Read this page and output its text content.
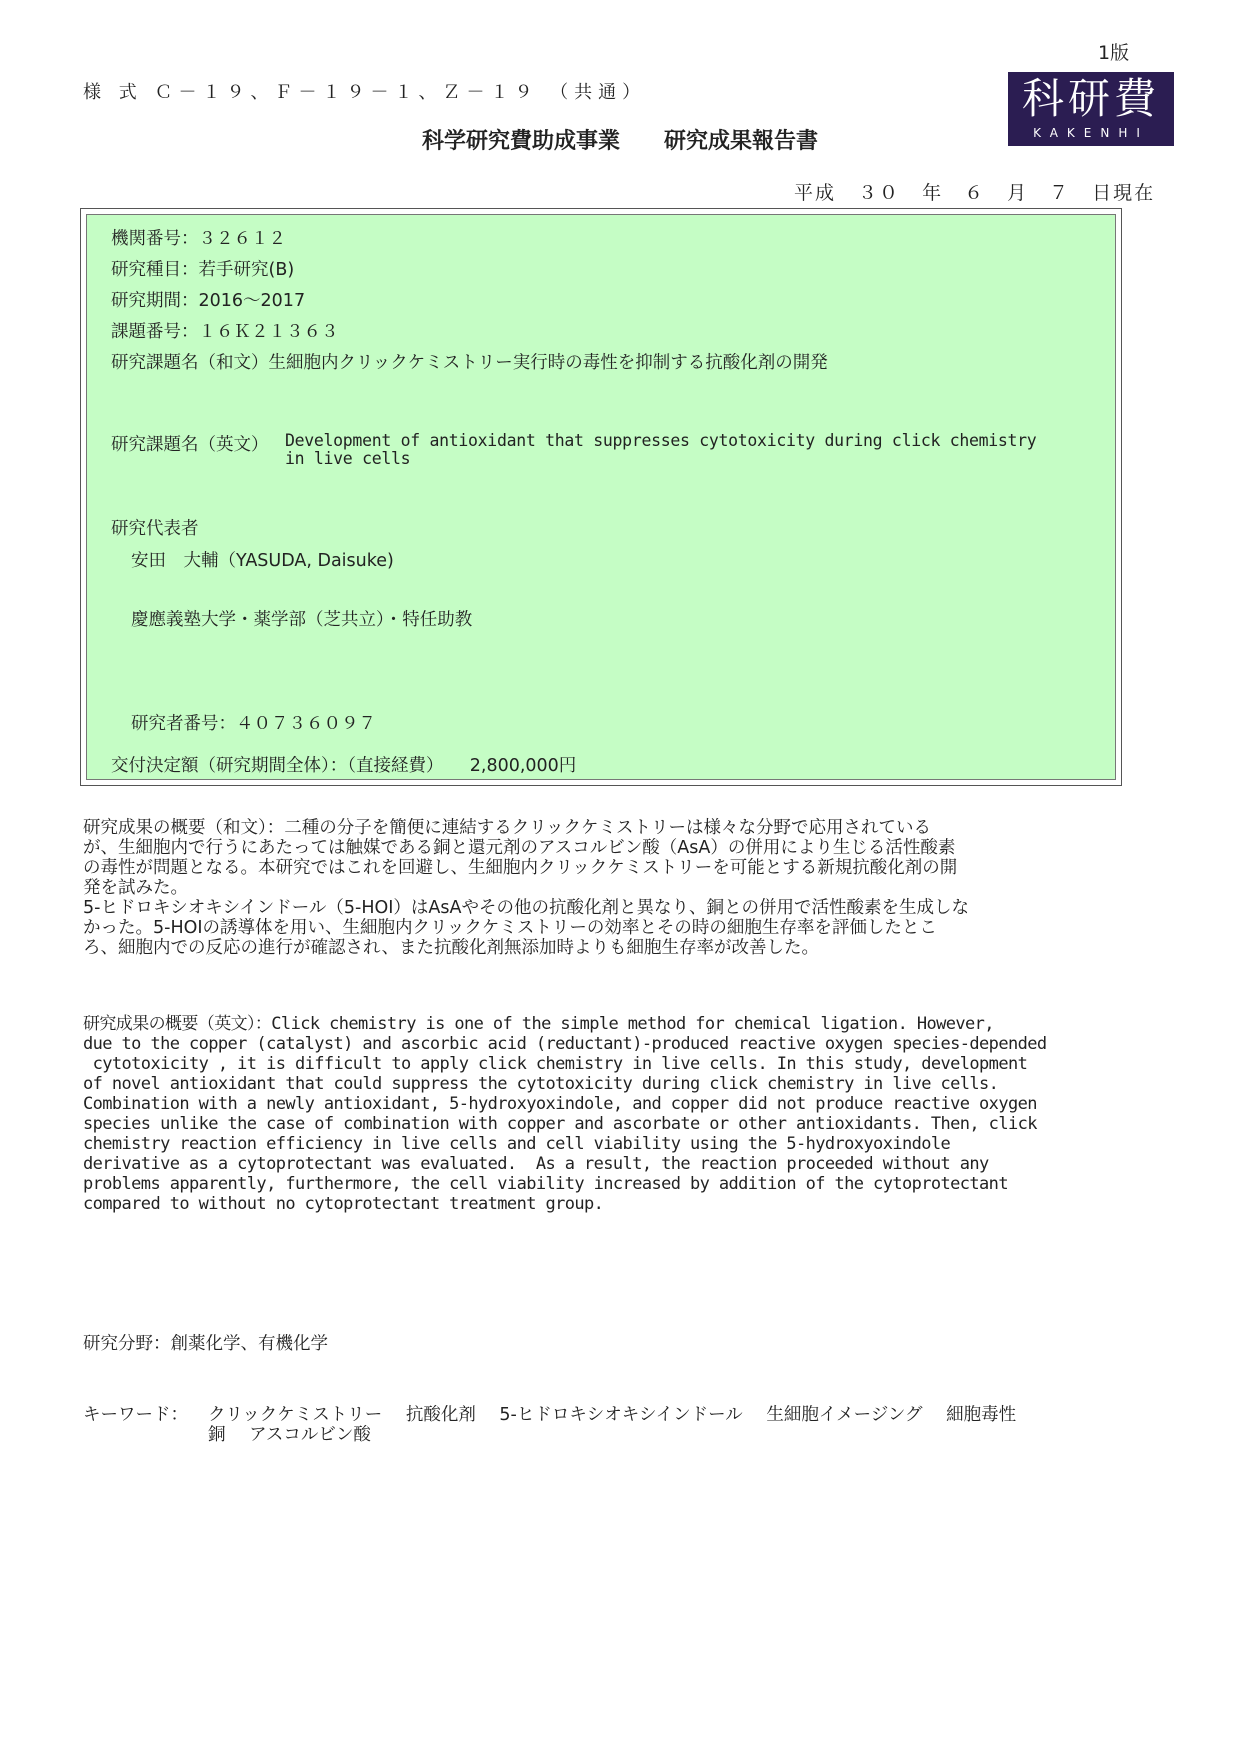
1版
様 式 Ｃ－１９、Ｆ－１９－１、Ｚ－１９ （共通）
科学研究費助成事業　　研究成果報告書
科研費
KAKENHI
平成 ３０ 年　６ 月　７ 日現在
機関番号：３２６１２
研究種目：若手研究(B)
研究期間：2016～2017
課題番号：１６Ｋ２１３６３
研究課題名（和文）生細胞内クリックケミストリー実行時の毒性を抑制する抗酸化剤の開発
研究課題名（英文） Development of antioxidant that suppresses cytotoxicity during click chemistry
in live cells
研究代表者
安田　大輔（YASUDA, Daisuke)
慶應義塾大学・薬学部（芝共立）・特任助教
研究者番号：４０７３６０９７
交付決定額（研究期間全体）：（直接経費）　　2,800,000円
研究成果の概要（和文）：二種の分子を簡便に連結するクリックケミストリーは様々な分野で応用されている
が、生細胞内で行うにあたっては触媒である銅と還元剤のアスコルビン酸（AsA）の併用により生じる活性酸素
の毒性が問題となる。本研究ではこれを回避し、生細胞内クリックケミストリーを可能とする新規抗酸化剤の開
発を試みた。
5-ヒドロキシオキシインドール（5-HOI）はAsAやその他の抗酸化剤と異なり、銅との併用で活性酸素を生成しな
かった。5-HOIの誘導体を用い、生細胞内クリックケミストリーの効率とその時の細胞生存率を評価したとこ
ろ、細胞内での反応の進行が確認され、また抗酸化剤無添加時よりも細胞生存率が改善した。
研究成果の概要（英文）：Click chemistry is one of the simple method for chemical ligation. However,
due to the copper (catalyst) and ascorbic acid (reductant)-produced reactive oxygen species-depended
cytotoxicity , it is difficult to apply click chemistry in live cells. In this study, development
of novel antioxidant that could suppress the cytotoxicity during click chemistry in live cells.
Combination with a newly antioxidant, 5-hydroxyoxindole, and copper did not produce reactive oxygen
species unlike the case of combination with copper and ascorbate or other antioxidants. Then, click
chemistry reaction efficiency in live cells and cell viability using the 5-hydroxyoxindole
derivative as a cytoprotectant was evaluated.  As a result, the reaction proceeded without any
problems apparently, furthermore, the cell viability increased by addition of the cytoprotectant
compared to without no cytoprotectant treatment group.
研究分野：創薬化学、有機化学
キーワード： クリックケミストリー 抗酸化剤 5-ヒドロキシオキシインドール 生細胞イメージング 細胞毒性
銅 アスコルビン酸
